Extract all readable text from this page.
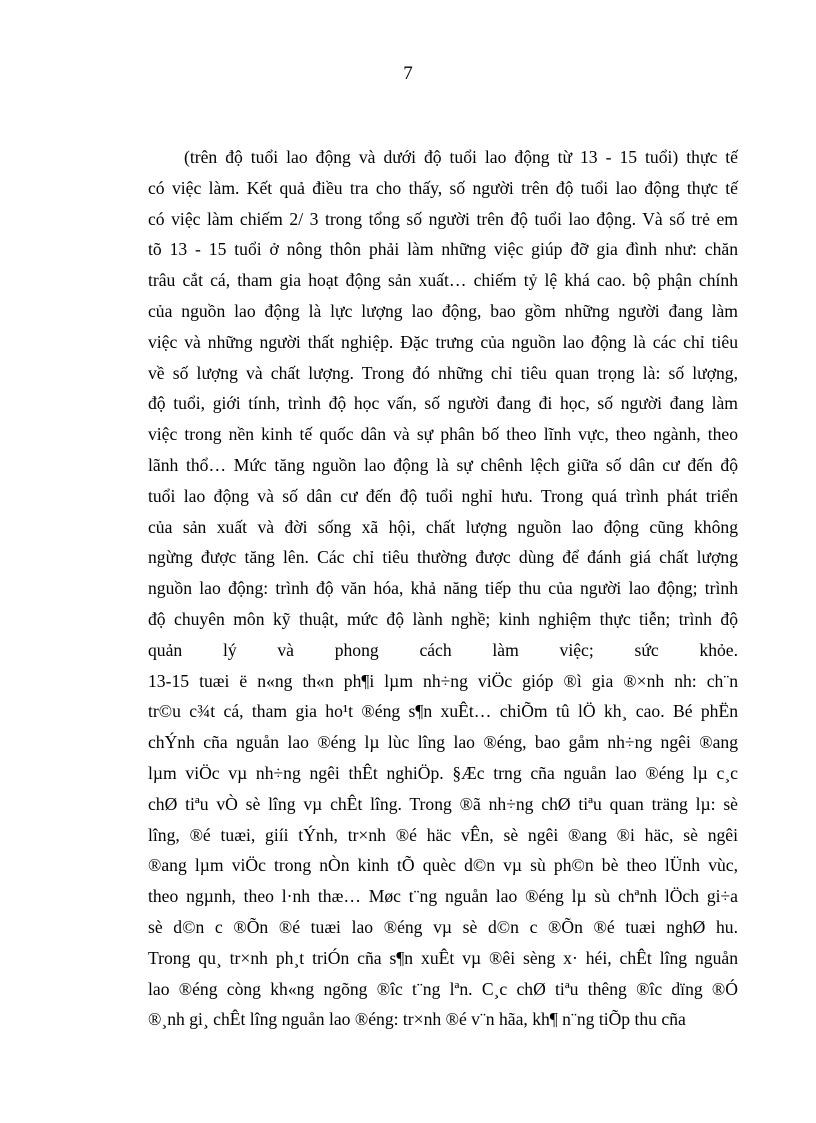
7
(trên độ tuổi lao động và dưới độ tuổi lao động từ 13 - 15 tuổi) thực tế
có việc làm. Kết quả điều tra cho thấy, số người trên độ tuổi lao động thực tế
có việc làm chiếm 2/ 3 trong tổng số người trên độ tuổi lao động. Và số trẻ em
tõ 13 - 15 tuổi ở nông thôn phải làm những việc giúp đỡ gia đình như: chăn
trâu cắt cá, tham gia hoạt động sản xuất… chiếm tỷ lệ khá cao. bộ phận chính
của nguồn lao động là lực lượng lao động, bao gồm những người đang làm
việc và những người thất nghiệp. Đặc trưng của nguồn lao động là các chỉ tiêu
về số lượng và chất lượng. Trong đó những chỉ tiêu quan trọng là: số lượng,
độ tuổi, giới tính, trình độ học vấn, số người đang đi học, số người đang làm
việc trong nền kinh tế quốc dân và sự phân bố theo lĩnh vực, theo ngành, theo
lãnh thổ… Mức tăng nguồn lao động là sự chênh lệch giữa số dân cư đến độ
tuổi lao động và số dân cư đến độ tuổi nghỉ hưu. Trong quá trình phát triển
của sản xuất và đời sống xã hội, chất lượng nguồn lao động cũng không
ngừng được tăng lên. Các chỉ tiêu thường được dùng để đánh giá chất lượng
nguồn lao động: trình độ văn hóa, khả năng tiếp thu của người lao động; trình
độ chuyên môn kỹ thuật, mức độ lành nghề; kinh nghiệm thực tiễn; trình độ
quản lý và phong cách làm việc; sức khỏe.
13-15 tuæi ë n«ng th«n ph¶i lµm nh÷ng viÖc gióp ®ì gia ®×nh nh: ch¨n
tr©u c¾t cá, tham gia ho¹t ®éng s¶n xuÊt… chiÕm tû lÖ kh¸ cao. Bé phËn
chÝnh cña nguån lao ®éng lµ lùc lîng lao ®éng, bao gåm nh÷ng ngêi ®ang
lµm viÖc vµ nh÷ng ngêi thÊt nghiÖp. §Æc trng cña nguån lao ®éng lµ c¸c
chØ tiªu vÒ sè lîng vµ chÊt lîng. Trong ®ã nh÷ng chØ tiªu quan träng lµ: sè
lîng, ®é tuæi, giíi tÝnh, tr×nh ®é häc vÊn, sè ngêi ®ang ®i häc, sè ngêi
®ang lµm viÖc trong nÒn kinh tÕ quèc d©n vµ sù ph©n bè theo lÜnh vùc,
theo ngµnh, theo l·nh thæ… Møc t¨ng nguån lao ®éng lµ sù chªnh lÖch gi÷a
sè d©n c ®Õn ®é tuæi lao ®éng vµ sè d©n c ®Õn ®é tuæi nghØ hu.
Trong qu¸ tr×nh ph¸t triÓn cña s¶n xuÊt vµ ®êi sèng x· héi, chÊt lîng nguån
lao ®éng còng kh«ng ngõng ®îc t¨ng lªn. C¸c chØ tiªu thêng ®îc dïng ®Ó
®¸nh gi¸ chÊt lîng nguån lao ®éng: tr×nh ®é v¨n hãa, kh¶ n¨ng tiÕp thu cña
